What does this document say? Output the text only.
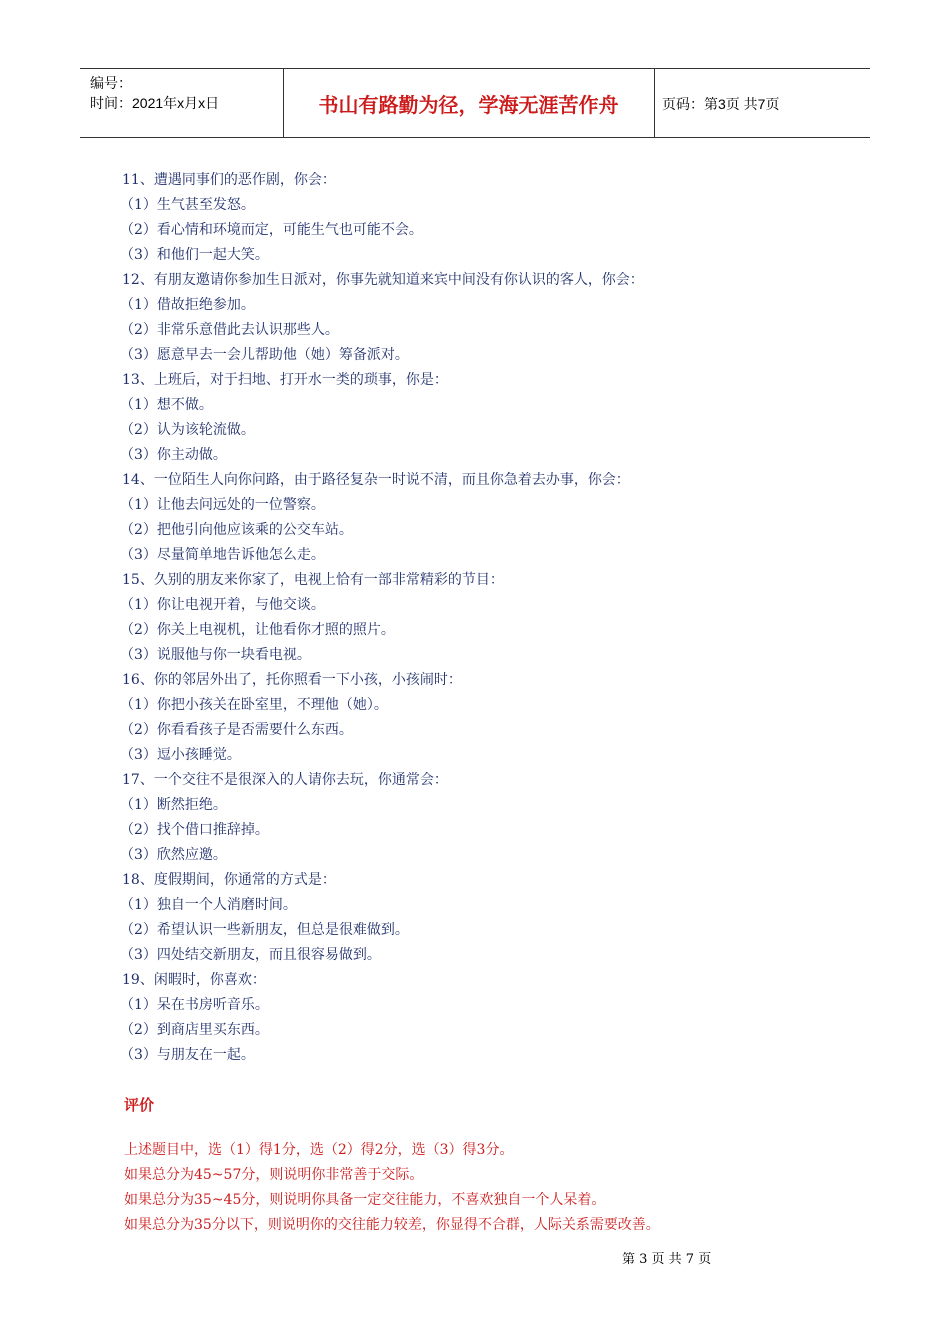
编号：
时间：2021年x月x日	书山有路勤为径，学海无涯苦作舟	页码：第3页 共7页
11、遭遇同事们的恶作剧，你会：
（1）生气甚至发怒。
（2）看心情和环境而定，可能生气也可能不会。
（3）和他们一起大笑。
12、有朋友邀请你参加生日派对，你事先就知道来宾中间没有你认识的客人，你会：
（1）借故拒绝参加。
（2）非常乐意借此去认识那些人。
（3）愿意早去一会儿帮助他（她）筹备派对。
13、上班后，对于扫地、打开水一类的琐事，你是：
（1）想不做。
（2）认为该轮流做。
（3）你主动做。
14、一位陌生人向你问路，由于路径复杂一时说不清，而且你急着去办事，你会：
（1）让他去问远处的一位警察。
（2）把他引向他应该乘的公交车站。
（3）尽量简单地告诉他怎么走。
15、久别的朋友来你家了，电视上恰有一部非常精彩的节目：
（1）你让电视开着，与他交谈。
（2）你关上电视机，让他看你才照的照片。
（3）说服他与你一块看电视。
16、你的邻居外出了，托你照看一下小孩，小孩闹时：
（1）你把小孩关在卧室里，不理他（她）。
（2）你看看孩子是否需要什么东西。
（3）逗小孩睡觉。
17、一个交往不是很深入的人请你去玩，你通常会：
（1）断然拒绝。
（2）找个借口推辞掉。
（3）欣然应邀。
18、度假期间，你通常的方式是：
（1）独自一个人消磨时间。
（2）希望认识一些新朋友，但总是很难做到。
（3）四处结交新朋友，而且很容易做到。
19、闲暇时，你喜欢：
（1）呆在书房听音乐。
（2）到商店里买东西。
（3）与朋友在一起。
评价
上述题目中，选（1）得1分，选（2）得2分，选（3）得3分。
如果总分为45~57分，则说明你非常善于交际。
如果总分为35~45分，则说明你具备一定交往能力，不喜欢独自一个人呆着。
如果总分为35分以下，则说明你的交往能力较差，你显得不合群，人际关系需要改善。
第 3 页 共 7 页
